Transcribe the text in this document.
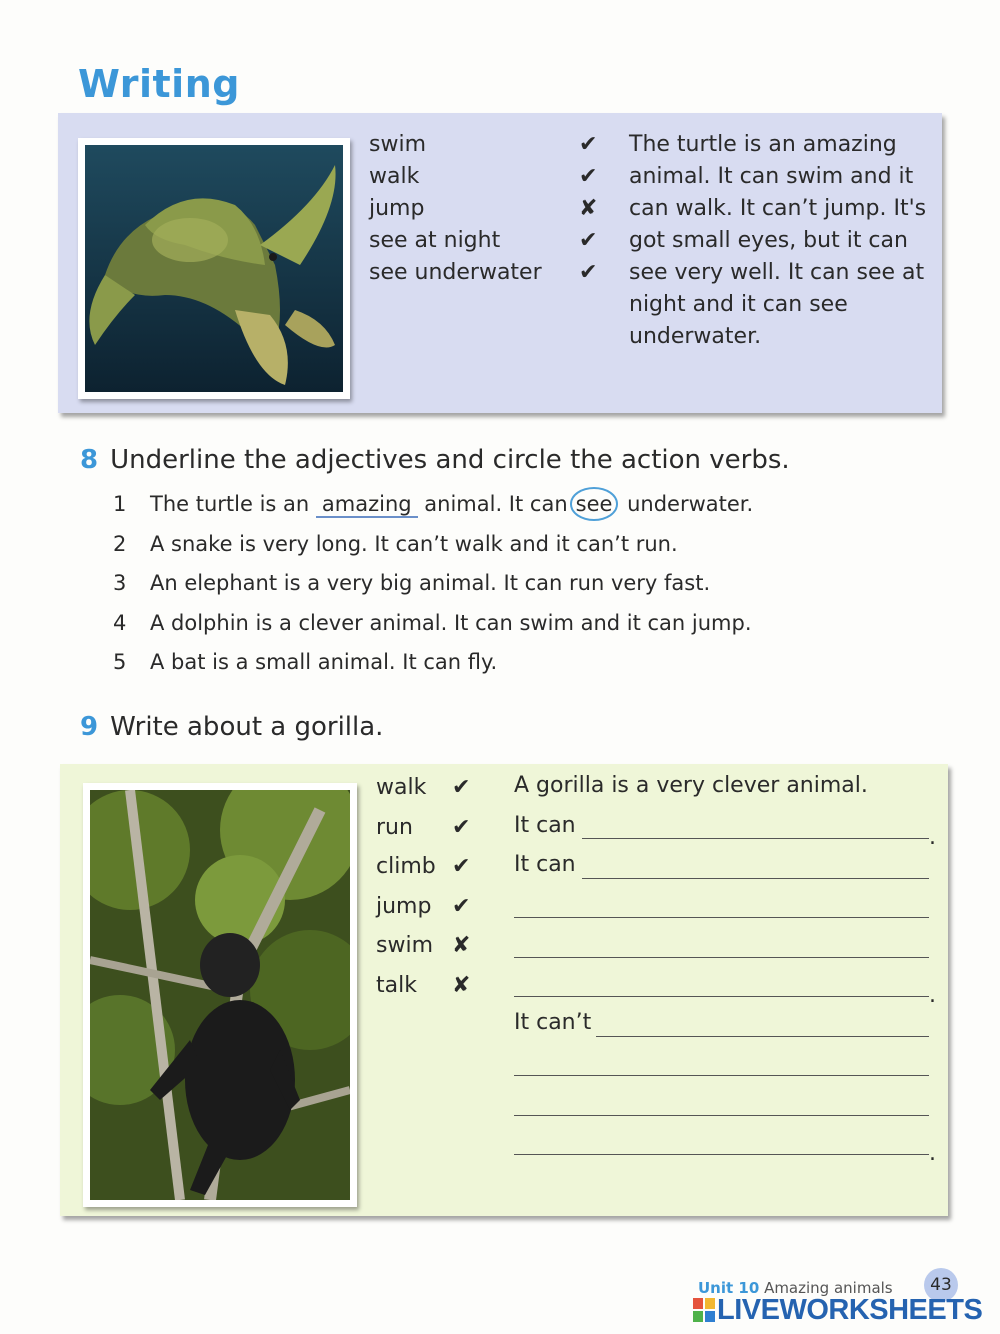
Writing
swim	✔
walk	✔
jump	✘
see at night	✔
see underwater ✔
The turtle is an amazing
animal. It can swim and it
can walk. It can’t jump. It's
got small eyes, but it can
see very well. It can see at
night and it can see
underwater.
8 Underline the adjectives and circle the action verbs.
1 The turtle is an amazing animal. It can see underwater.
2 A snake is very long. It can’t walk and it can’t run.
3 An elephant is a very big animal. It can run very fast.
4 A dolphin is a clever animal. It can swim and it can jump.
5 A bat is a small animal. It can fly.
9 Write about a gorilla.
walk ✔
run ✔
climb ✔
jump ✔
swim ✘
talk ✘
A gorilla is a very clever animal.
It can	.
It can
.
It can’t
.
Unit 10 Amazing animals	43
LIVEWORKSHEETS
